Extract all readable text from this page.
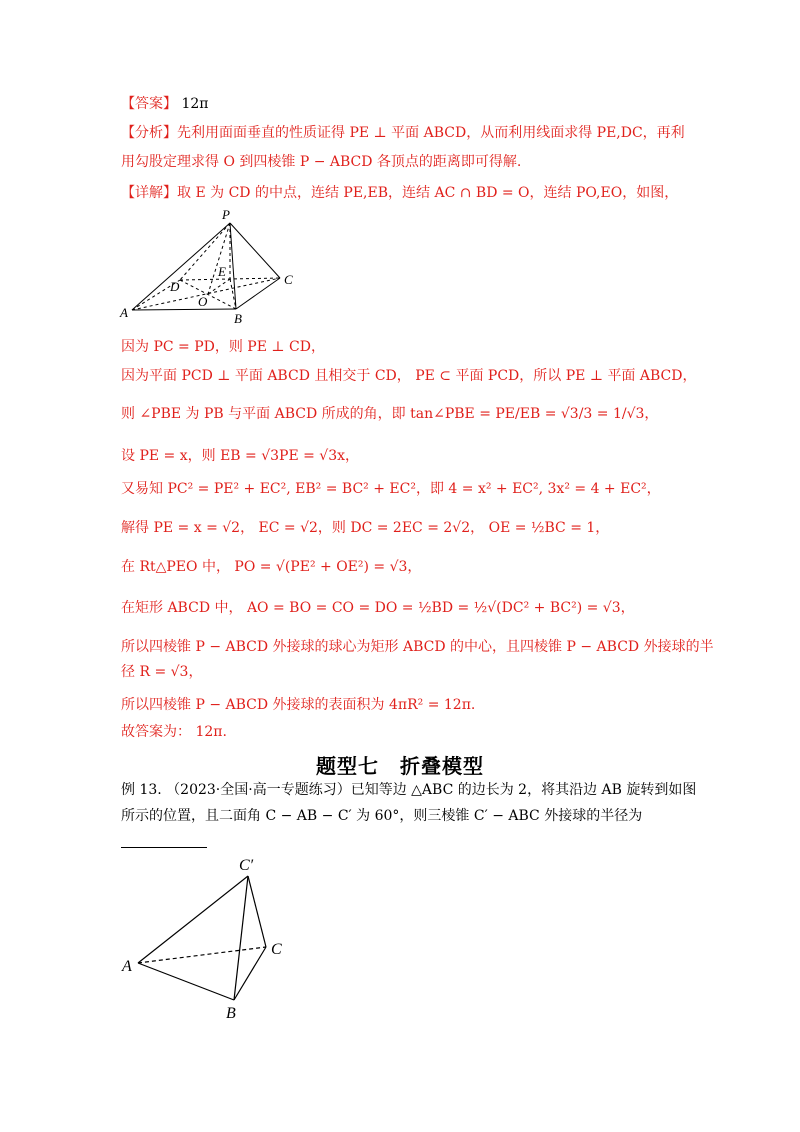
【答案】 12π
【分析】先利用面面垂直的性质证得 PE ⊥ 平面 ABCD，从而利用线面求得 PE,DC，再利
用勾股定理求得 O 到四棱锥 P − ABCD 各顶点的距离即可得解.
【详解】取 E 为 CD 的中点，连结 PE,EB，连结 AC ∩ BD = O，连结 PO,EO，如图，
P
A	B
C
D
E
O
因为 PC = PD，则 PE ⊥ CD，
因为平面 PCD ⊥ 平面 ABCD 且相交于 CD， PE ⊂ 平面 PCD，所以 PE ⊥ 平面 ABCD，
则 ∠PBE 为 PB 与平面 ABCD 所成的角，即 tan∠PBE = PE/EB = √3/3 = 1/√3，
设 PE = x，则 EB = √3PE = √3x，
又易知 PC² = PE² + EC², EB² = BC² + EC²，即 4 = x² + EC², 3x² = 4 + EC²，
解得 PE = x = √2， EC = √2，则 DC = 2EC = 2√2， OE = ½BC = 1，
在 Rt△PEO 中， PO = √(PE² + OE²) = √3，
在矩形 ABCD 中， AO = BO = CO = DO = ½BD = ½√(DC² + BC²) = √3，
所以四棱锥 P − ABCD 外接球的球心为矩形 ABCD 的中心，且四棱锥 P − ABCD 外接球的半
径 R = √3，
所以四棱锥 P − ABCD 外接球的表面积为 4πR² = 12π.
故答案为： 12π.
题型七　折叠模型
例 13. （2023·全国·高一专题练习）已知等边 △ABC 的边长为 2，将其沿边 AB 旋转到如图
所示的位置，且二面角 C − AB − C′ 为 60°，则三棱锥 C′ − ABC 外接球的半径为
C′
A
B
C
